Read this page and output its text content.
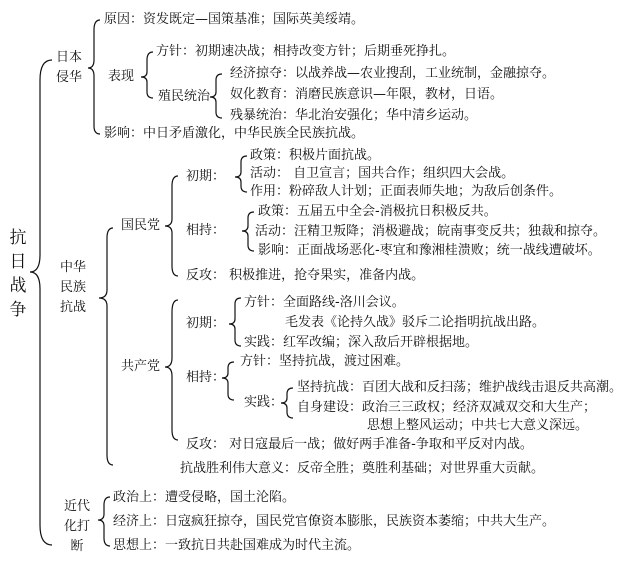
抗日战争
日本侵华
原因：资发既定—国策基准；国际英美绥靖。
表现
方针：初期速决战；相持改变方针；后期垂死挣扎。
殖民统治
经济掠夺：以战养战—农业搜刮，工业统制，金融掠夺。
奴化教育：消磨民族意识—年限，教材，日语。
残暴统治：华北治安强化；华中清乡运动。
影响：中日矛盾激化，中华民族全民族抗战。
中华民族抗战
国民党
初期：
政策：积极片面抗战。
活动： 自卫宣言；国共合作；组织四大会战。
作用：粉碎敌人计划；正面表师失地；为敌后创条件。
相持：
政策：五届五中全会-消极抗日积极反共。
活动：汪精卫叛降；消极避战；皖南事变反共；独裁和掠夺。
影响：正面战场恶化-枣宜和豫湘桂溃败；统一战线遭破坏。
反攻： 积极推进，抢夺果实，准备内战。
共产党
初期：
方针：全面路线-洛川会议。
毛发表《论持久战》驳斥二论指明抗战出路。
实践：红军改编；深入敌后开辟根据地。
相持：
方针：坚持抗战，渡过困难。
实践：
坚持抗战：百团大战和反扫荡；维护战线击退反共高潮。
自身建设：政治三三政权；经济双减双交和大生产；
思想上整风运动；中共七大意义深远。
反攻： 对日寇最后一战；做好两手准备-争取和平反对内战。
抗战胜利伟大意义：反帝全胜；奠胜利基础；对世界重大贡献。
近代化打断
政治上：遭受侵略，国土沦陷。
经济上：日寇疯狂掠夺，国民党官僚资本膨胀，民族资本萎缩；中共大生产。
思想上：一致抗日共赴国难成为时代主流。
